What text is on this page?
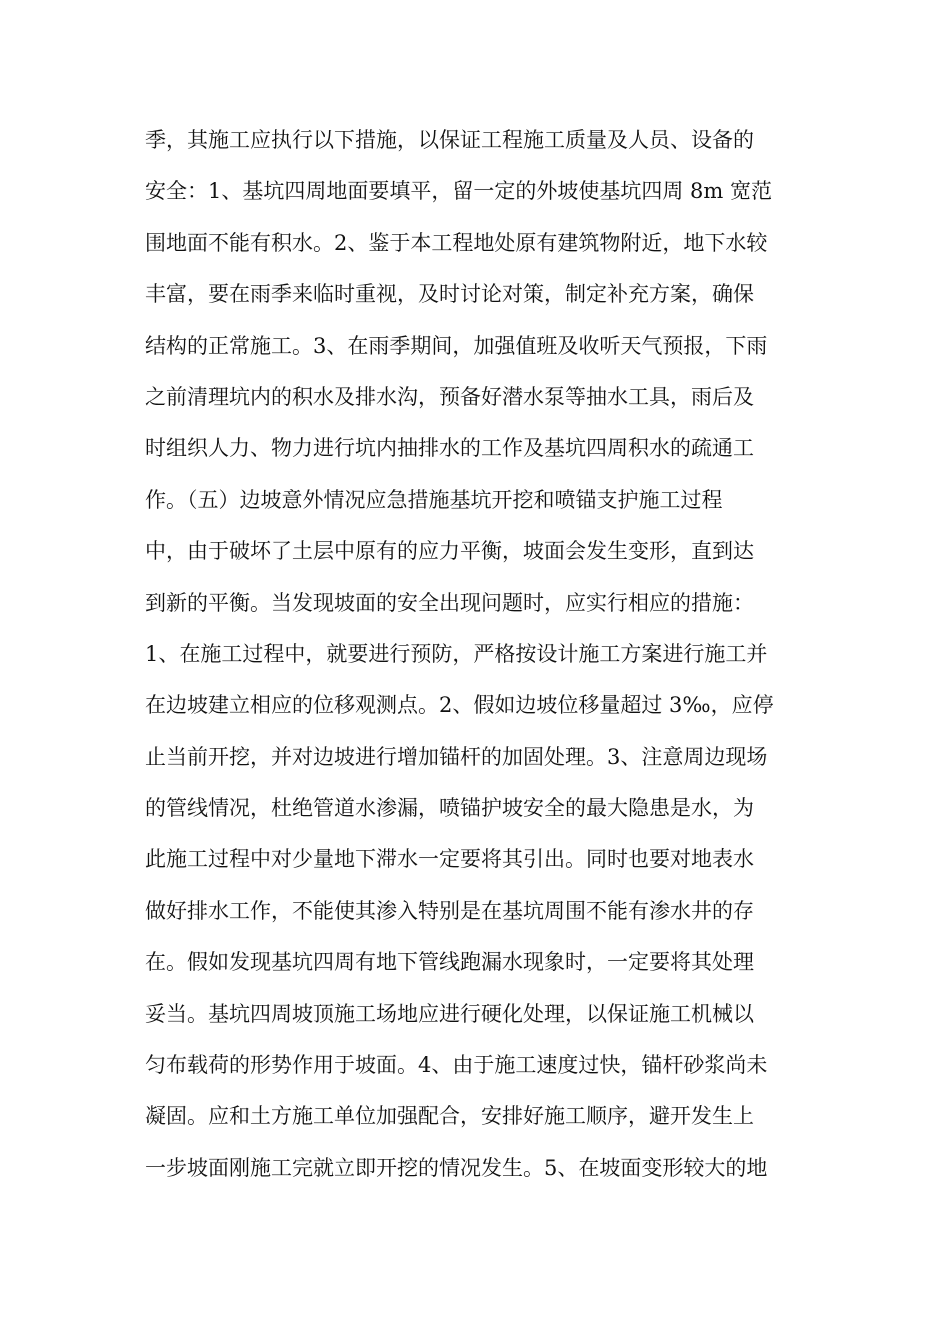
季，其施工应执行以下措施，以保证工程施工质量及人员、设备的
安全：1、基坑四周地面要填平，留一定的外坡使基坑四周 8m 宽范
围地面不能有积水。2、鉴于本工程地处原有建筑物附近，地下水较
丰富，要在雨季来临时重视，及时讨论对策，制定补充方案，确保
结构的正常施工。3、在雨季期间，加强值班及收听天气预报，下雨
之前清理坑内的积水及排水沟，预备好潜水泵等抽水工具，雨后及
时组织人力、物力进行坑内抽排水的工作及基坑四周积水的疏通工
作。（五）边坡意外情况应急措施基坑开挖和喷锚支护施工过程
中，由于破坏了土层中原有的应力平衡，坡面会发生变形，直到达
到新的平衡。当发现坡面的安全出现问题时，应实行相应的措施：
1、在施工过程中，就要进行预防，严格按设计施工方案进行施工并
在边坡建立相应的位移观测点。2、假如边坡位移量超过 3‰，应停
止当前开挖，并对边坡进行增加锚杆的加固处理。3、注意周边现场
的管线情况，杜绝管道水渗漏，喷锚护坡安全的最大隐患是水，为
此施工过程中对少量地下滞水一定要将其引出。同时也要对地表水
做好排水工作，不能使其渗入特别是在基坑周围不能有渗水井的存
在。假如发现基坑四周有地下管线跑漏水现象时，一定要将其处理
妥当。基坑四周坡顶施工场地应进行硬化处理，以保证施工机械以
匀布载荷的形势作用于坡面。4、由于施工速度过快，锚杆砂浆尚未
凝固。应和土方施工单位加强配合，安排好施工顺序，避开发生上
一步坡面刚施工完就立即开挖的情况发生。5、在坡面变形较大的地
